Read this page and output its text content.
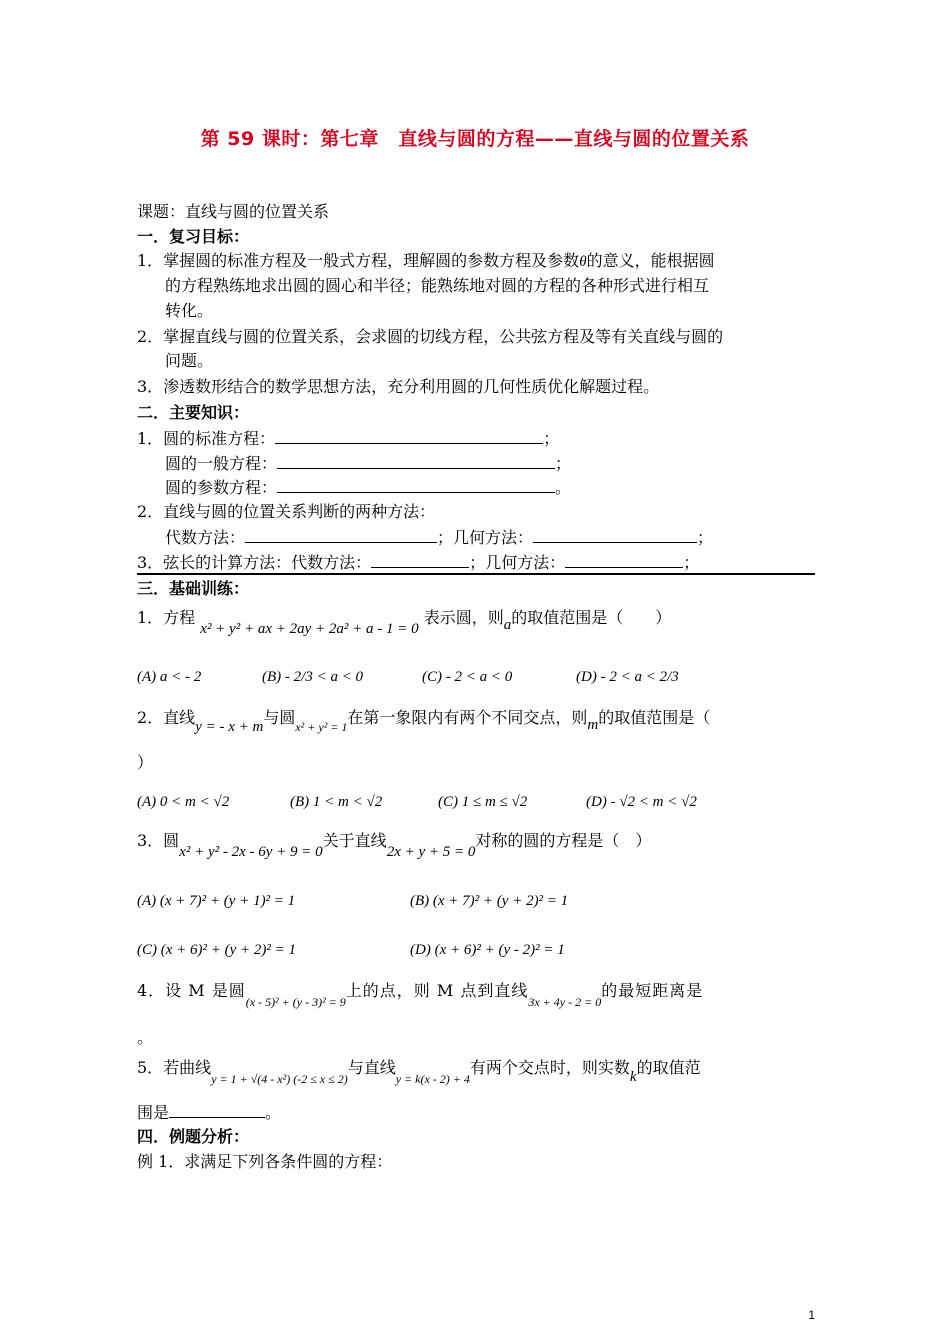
第 59 课时：第七章　直线与圆的方程——直线与圆的位置关系
课题：直线与圆的位置关系
一．复习目标：
1．掌握圆的标准方程及一般式方程，理解圆的参数方程及参数θ的意义，能根据圆
的方程熟练地求出圆的圆心和半径；能熟练地对圆的方程的各种形式进行相互
转化。
2．掌握直线与圆的位置关系，会求圆的切线方程，公共弦方程及等有关直线与圆的
问题。
3．渗透数形结合的数学思想方法，充分利用圆的几何性质优化解题过程。
二．主要知识：
1．圆的标准方程：	；
圆的一般方程：	；
圆的参数方程：	。
2．直线与圆的位置关系判断的两种方法：
代数方法：	；几何方法：	；
3．弦长的计算方法：代数方法：	；几何方法：	；
三．基础训练：
1．方程 x² + y² + ax + 2ay + 2a² + a - 1 = 0 表示圆，则a的取值范围是（　　）
(A) a < - 2	(B) - 2/3 < a < 0	(C) - 2 < a < 0	(D) - 2 < a < 2/3
2．直线y = - x + m与圆$_{x^2 + y^2 = 1}$在第一象限内有两个不同交点，则m的取值范围是（
）
(A) 0 < m < √2	(B) 1 < m < √2	(C) 1 ≤ m ≤ √2	(D) - √2 < m < √2
3．圆x² + y² - 2x - 6y + 9 = 0关于直线2x + y + 5 = 0对称的圆的方程是（　）
(A) (x + 7)² + (y + 1)² = 1	(B) (x + 7)² + (y + 2)² = 1
(C) (x + 6)² + (y + 2)² = 1	(D) (x + 6)² + (y - 2)² = 1
4．设 M 是圆$_{(x - 5)^2 + (y - 3)^2 = 9}$上的点，则 M 点到直线$_{3x + 4y - 2 = 0}$的最短距离是
。
5．若曲线$_{y = 1 + √(4 - x^2) (-2 \le x \le 2)}$与直线$_{y = k(x - 2) + 4}$有两个交点时，则实数k的取值范
围是	。
四．例题分析：
例 1．求满足下列各条件圆的方程：
1
